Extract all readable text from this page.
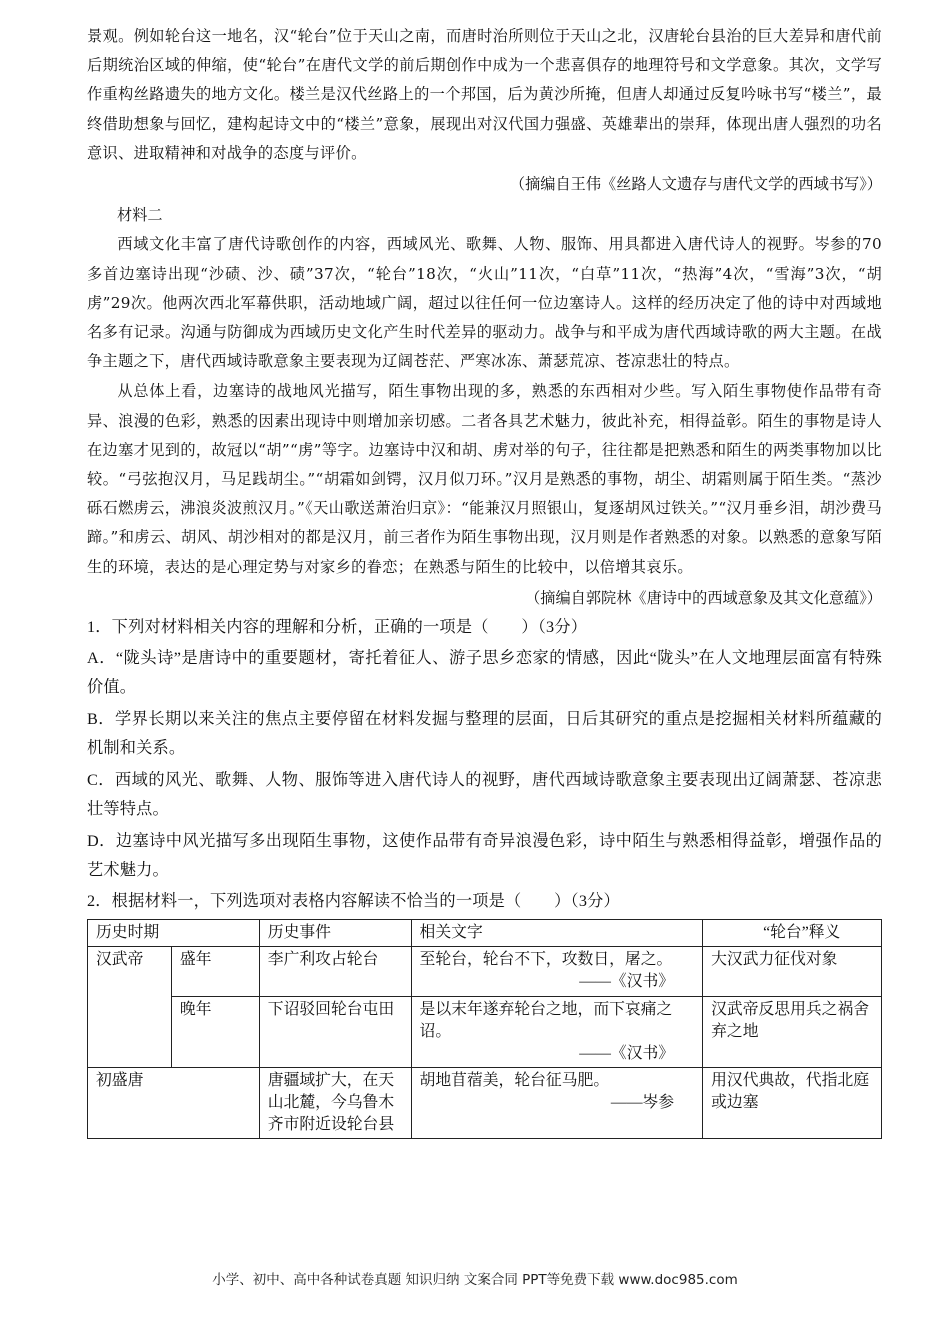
景观。例如轮台这一地名，汉“轮台”位于天山之南，而唐时治所则位于天山之北，汉唐轮台县治的巨大差异和唐代前后期统治区域的伸缩，使“轮台”在唐代文学的前后期创作中成为一个悲喜俱存的地理符号和文学意象。其次，文学写作重构丝路遗失的地方文化。楼兰是汉代丝路上的一个邦国，后为黄沙所掩，但唐人却通过反复吟咏书写“楼兰”，最终借助想象与回忆，建构起诗文中的“楼兰”意象，展现出对汉代国力强盛、英雄辈出的崇拜，体现出唐人强烈的功名意识、进取精神和对战争的态度与评价。

（摘编自王伟《丝路人文遗存与唐代文学的西域书写》）

材料二

西域文化丰富了唐代诗歌创作的内容，西域风光、歌舞、人物、服饰、用具都进入唐代诗人的视野。岑参的70多首边塞诗出现“沙碛、沙、碛”37次，“轮台”18次，“火山”11次，“白草”11次，“热海”4次，“雪海”3次，“胡虏”29次。他两次西北军幕供职，活动地域广阔，超过以往任何一位边塞诗人。这样的经历决定了他的诗中对西域地名多有记录。沟通与防御成为西域历史文化产生时代差异的驱动力。战争与和平成为唐代西域诗歌的两大主题。在战争主题之下，唐代西域诗歌意象主要表现为辽阔苍茫、严寒冰冻、萧瑟荒凉、苍凉悲壮的特点。

从总体上看，边塞诗的战地风光描写，陌生事物出现的多，熟悉的东西相对少些。写入陌生事物使作品带有奇异、浪漫的色彩，熟悉的因素出现诗中则增加亲切感。二者各具艺术魅力，彼此补充，相得益彰。陌生的事物是诗人在边塞才见到的，故冠以“胡”“虏”等字。边塞诗中汉和胡、虏对举的句子，往往都是把熟悉和陌生的两类事物加以比较。“弓弦抱汉月，马足践胡尘。”“胡霜如剑锷，汉月似刀环。”汉月是熟悉的事物，胡尘、胡霜则属于陌生类。“蒸沙砾石燃虏云，沸浪炎波煎汉月。”《天山歌送萧治归京》：“能兼汉月照银山，复逐胡风过铁关。”“汉月垂乡泪，胡沙费马蹄。”和虏云、胡风、胡沙相对的都是汉月，前三者作为陌生事物出现，汉月则是作者熟悉的对象。以熟悉的意象写陌生的环境，表达的是心理定势与对家乡的眷恋；在熟悉与陌生的比较中，以倍增其哀乐。

（摘编自郭院林《唐诗中的西域意象及其文化意蕴》）

1．下列对材料相关内容的理解和分析，正确的一项是（　　）（3分）

A．“陇头诗”是唐诗中的重要题材，寄托着征人、游子思乡恋家的情感，因此“陇头”在人文地理层面富有特殊价值。

B．学界长期以来关注的焦点主要停留在材料发掘与整理的层面，日后其研究的重点是挖掘相关材料所蕴藏的机制和关系。

C．西域的风光、歌舞、人物、服饰等进入唐代诗人的视野，唐代西域诗歌意象主要表现出辽阔萧瑟、苍凉悲壮等特点。

D．边塞诗中风光描写多出现陌生事物，这使作品带有奇异浪漫色彩，诗中陌生与熟悉相得益彰，增强作品的艺术魅力。

2．根据材料一，下列选项对表格内容解读不恰当的一项是（　　）（3分）

历史时期		历史事件	相关文字	“轮台”释义
汉武帝	盛年	李广利攻占轮台	至轮台，轮台不下，攻数日，屠之。
——《汉书》	大汉武力征伐对象
	晚年	下诏驳回轮台屯田	是以末年遂弃轮台之地，而下哀痛之诏。
——《汉书》	汉武帝反思用兵之祸舍弃之地
初盛唐		唐疆域扩大，在天山北麓，今乌鲁木齐市附近设轮台县	胡地苜蓿美，轮台征马肥。
——岑参	用汉代典故，代指北庭或边塞
小学、初中、高中各种试卷真题 知识归纳 文案合同 PPT等免费下载 www.doc985.com
